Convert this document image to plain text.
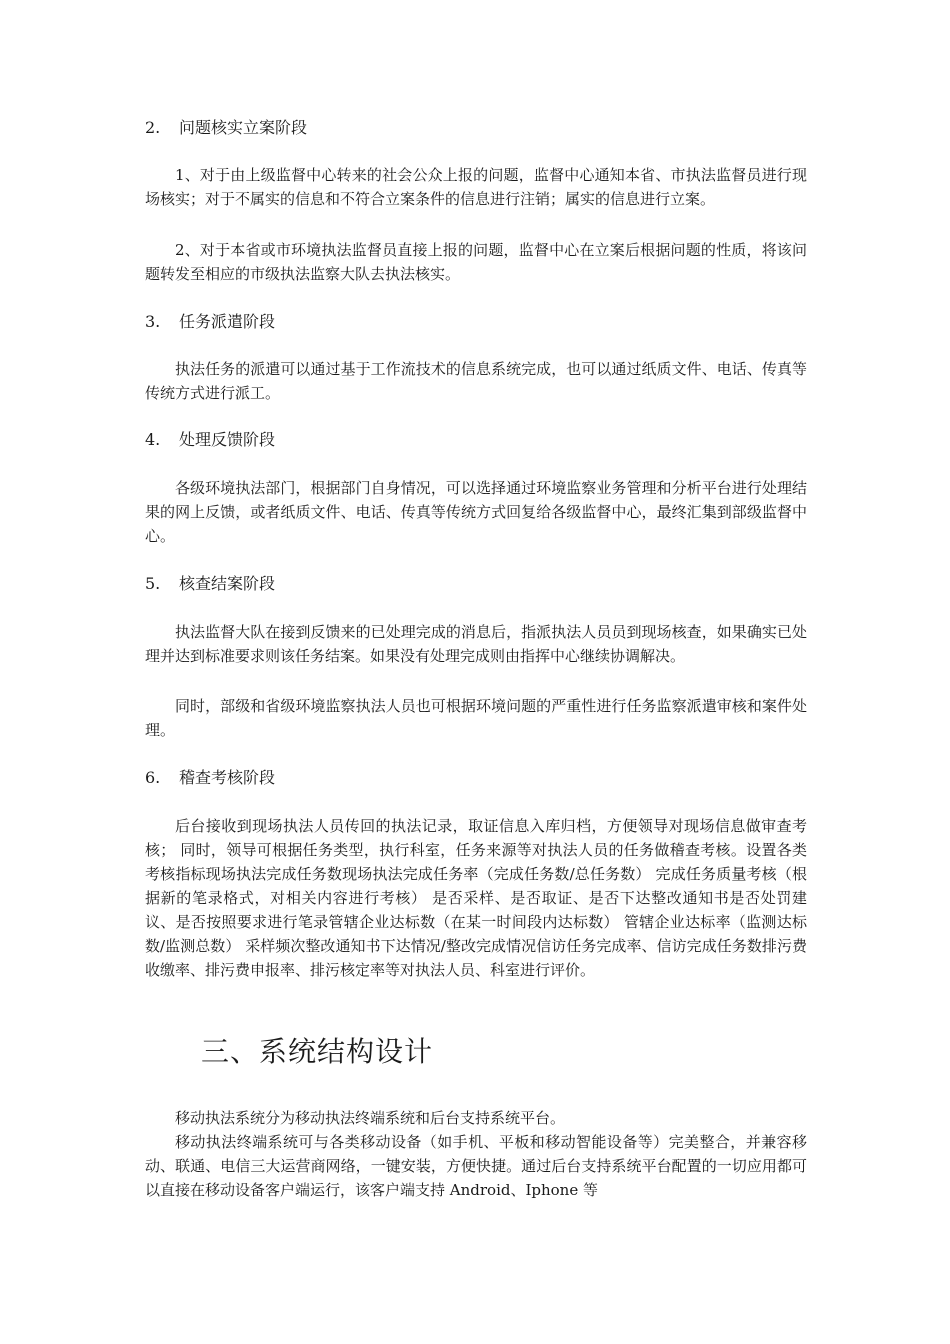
2. 问题核实立案阶段

1、对于由上级监督中心转来的社会公众上报的问题，监督中心通知本省、市执法监督员进行现场核实；对于不属实的信息和不符合立案条件的信息进行注销；属实的信息进行立案。

2、对于本省或市环境执法监督员直接上报的问题，监督中心在立案后根据问题的性质，将该问题转发至相应的市级执法监察大队去执法核实。

3. 任务派遣阶段

执法任务的派遣可以通过基于工作流技术的信息系统完成，也可以通过纸质文件、电话、传真等传统方式进行派工。

4. 处理反馈阶段

各级环境执法部门，根据部门自身情况，可以选择通过环境监察业务管理和分析平台进行处理结果的网上反馈，或者纸质文件、电话、传真等传统方式回复给各级监督中心，最终汇集到部级监督中心。

5. 核查结案阶段

执法监督大队在接到反馈来的已处理完成的消息后，指派执法人员员到现场核查，如果确实已处理并达到标准要求则该任务结案。如果没有处理完成则由指挥中心继续协调解决。

同时，部级和省级环境监察执法人员也可根据环境问题的严重性进行任务监察派遣审核和案件处理。

6. 稽查考核阶段

后台接收到现场执法人员传回的执法记录，取证信息入库归档，方便领导对现场信息做审查考核； 同时，领导可根据任务类型，执行科室，任务来源等对执法人员的任务做稽查考核。设置各类考核指标现场执法完成任务数现场执法完成任务率（完成任务数/总任务数） 完成任务质量考核（根据新的笔录格式，对相关内容进行考核） 是否采样、是否取证、是否下达整改通知书是否处罚建议、是否按照要求进行笔录管辖企业达标数（在某一时间段内达标数） 管辖企业达标率（监测达标数/监测总数） 采样频次整改通知书下达情况/整改完成情况信访任务完成率、信访完成任务数排污费收缴率、排污费申报率、排污核定率等对执法人员、科室进行评价。

三、系统结构设计

移动执法系统分为移动执法终端系统和后台支持系统平台。

移动执法终端系统可与各类移动设备（如手机、平板和移动智能设备等）完美整合，并兼容移动、联通、电信三大运营商网络，一键安装，方便快捷。通过后台支持系统平台配置的一切应用都可以直接在移动设备客户端运行，该客户端支持 Android、Iphone 等
